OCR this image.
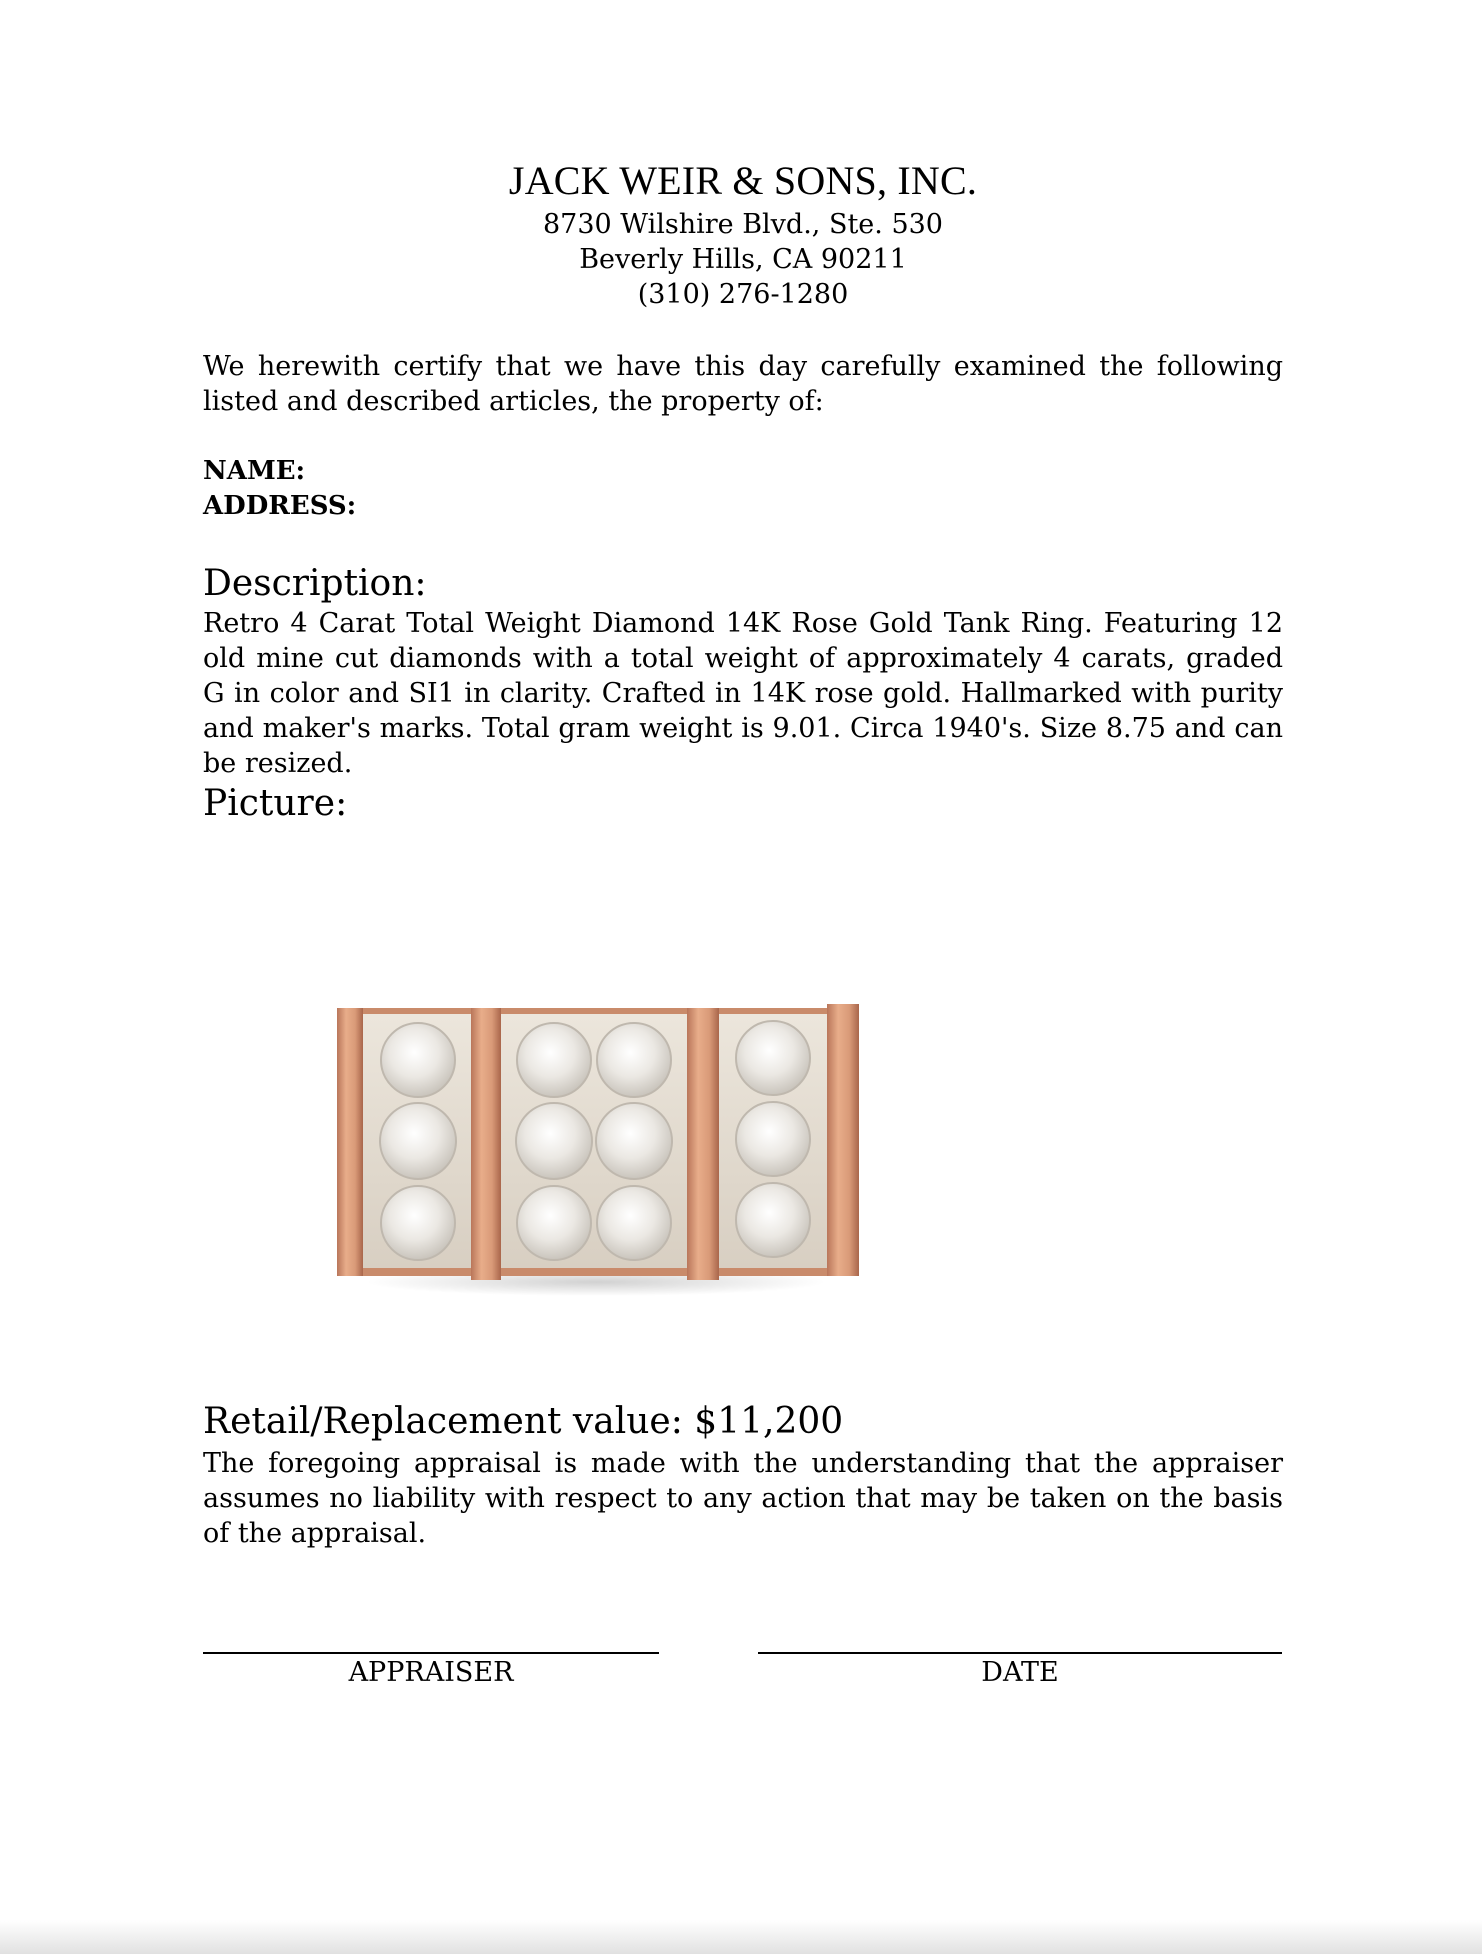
JACK WEIR & SONS, INC.
8730 Wilshire Blvd., Ste. 530
Beverly Hills, CA 90211
(310) 276-1280
We herewith certify that we have this day carefully examined the following listed and described articles, the property of:
NAME:
ADDRESS:
Description:
Retro 4 Carat Total Weight Diamond 14K Rose Gold Tank Ring. Featuring 12 old mine cut diamonds with a total weight of approximately 4 carats, graded G in color and SI1 in clarity. Crafted in 14K rose gold. Hallmarked with purity and maker's marks. Total gram weight is 9.01. Circa 1940's. Size 8.75 and can be resized.
Picture:
Retail/Replacement value: $11,200
The foregoing appraisal is made with the understanding that the appraiser assumes no liability with respect to any action that may be taken on the basis of the appraisal.
APPRAISER	DATE
